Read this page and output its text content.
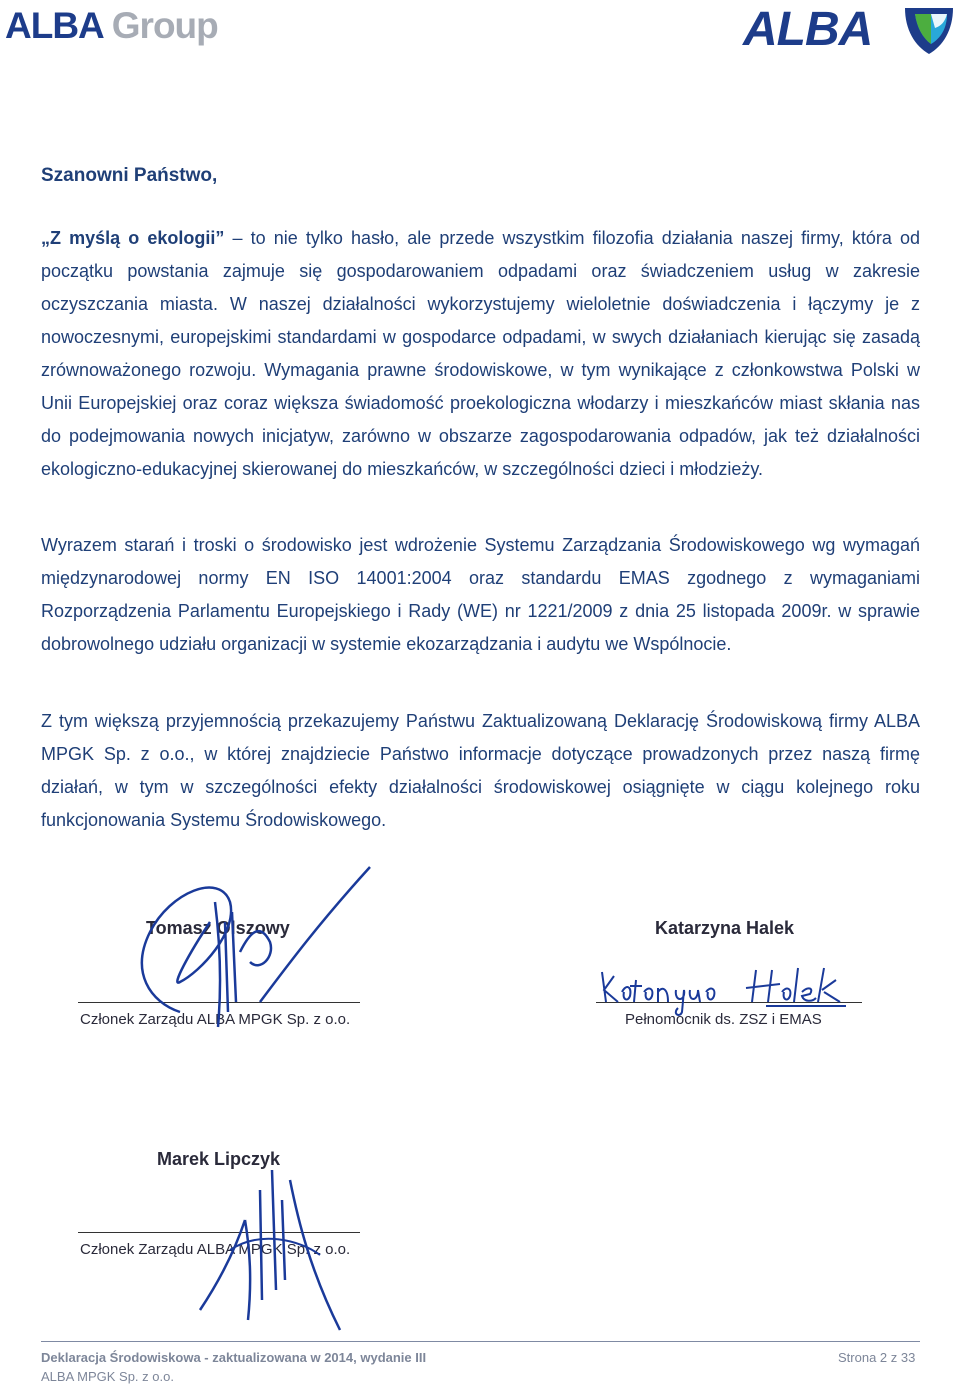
ALBA Group	ALBA
Szanowni Państwo,
„Z myślą o ekologii” – to nie tylko hasło, ale przede wszystkim filozofia działania naszej firmy, która od początku powstania zajmuje się gospodarowaniem odpadami oraz świadczeniem usług w zakresie oczyszczania miasta. W naszej działalności wykorzystujemy wieloletnie doświadczenia i łączymy je z nowoczesnymi, europejskimi standardami w gospodarce odpadami, w swych działaniach kierując się zasadą zrównoważonego rozwoju. Wymagania prawne środowiskowe, w tym wynikające z członkowstwa Polski w Unii Europejskiej oraz coraz większa świadomość proekologiczna włodarzy i mieszkańców miast skłania nas do podejmowania nowych inicjatyw, zarówno w obszarze zagospodarowania odpadów, jak też działalności ekologiczno-edukacyjnej skierowanej do mieszkańców, w szczególności dzieci i młodzieży.
Wyrazem starań i troski o środowisko jest wdrożenie Systemu Zarządzania Środowiskowego wg wymagań międzynarodowej normy EN ISO 14001:2004 oraz standardu EMAS zgodnego z wymaganiami Rozporządzenia Parlamentu Europejskiego i Rady (WE) nr 1221/2009 z dnia 25 listopada 2009r. w sprawie dobrowolnego udziału organizacji w systemie ekozarządzania i audytu we Wspólnocie.
Z tym większą przyjemnością przekazujemy Państwu Zaktualizowaną Deklarację Środowiskową firmy ALBA MPGK Sp. z o.o., w której znajdziecie Państwo informacje dotyczące prowadzonych przez naszą firmę działań, w tym w szczególności efekty działalności środowiskowej osiągnięte w ciągu kolejnego roku funkcjonowania Systemu Środowiskowego.
Tomasz Olszowy
Członek Zarządu ALBA MPGK Sp. z o.o.
Katarzyna Halek
Pełnomocnik ds. ZSZ i EMAS
Marek Lipczyk
Członek Zarządu ALBA MPGK Sp. z o.o.
Deklaracja Środowiskowa - zaktualizowana w 2014, wydanie III
ALBA MPGK Sp. z o.o.
Strona 2 z 33
